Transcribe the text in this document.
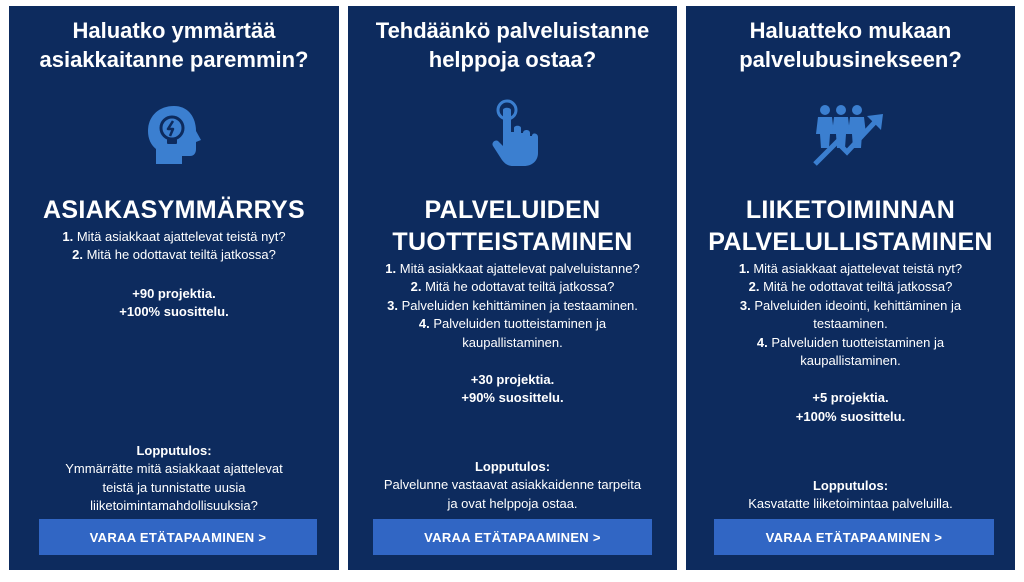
Haluatko ymmärtää
asiakkaitanne paremmin?
ASIAKASYMMÄRRYS
1. Mitä asiakkaat ajattelevat teistä nyt?
2. Mitä he odottavat teiltä jatkossa?
+90 projektia.
+100% suosittelu.
Lopputulos:
Ymmärrätte mitä asiakkaat ajattelevat
teistä ja tunnistatte uusia
liiketoimintamahdollisuuksia?
VARAA ETÄTAPAAMINEN >
Tehdäänkö palveluistanne
helppoja ostaa?
PALVELUIDEN
TUOTTEISTAMINEN
1. Mitä asiakkaat ajattelevat palveluistanne?
2. Mitä he odottavat teiltä jatkossa?
3. Palveluiden kehittäminen ja testaaminen.
4. Palveluiden tuotteistaminen ja kaupallistaminen.
+30 projektia.
+90% suosittelu.
Lopputulos:
Palvelunne vastaavat asiakkaidenne tarpeita
ja ovat helppoja ostaa.
VARAA ETÄTAPAAMINEN >
Haluatteko mukaan
palvelubusinekseen?
LIIKETOIMINNAN
PALVELULLISTAMINEN
1. Mitä asiakkaat ajattelevat teistä nyt?
2. Mitä he odottavat teiltä jatkossa?
3. Palveluiden ideointi, kehittäminen ja testaaminen.
4. Palveluiden tuotteistaminen ja kaupallistaminen.
+5 projektia.
+100% suosittelu.
Lopputulos:
Kasvatatte liiketoimintaa palveluilla.
VARAA ETÄTAPAAMINEN >
